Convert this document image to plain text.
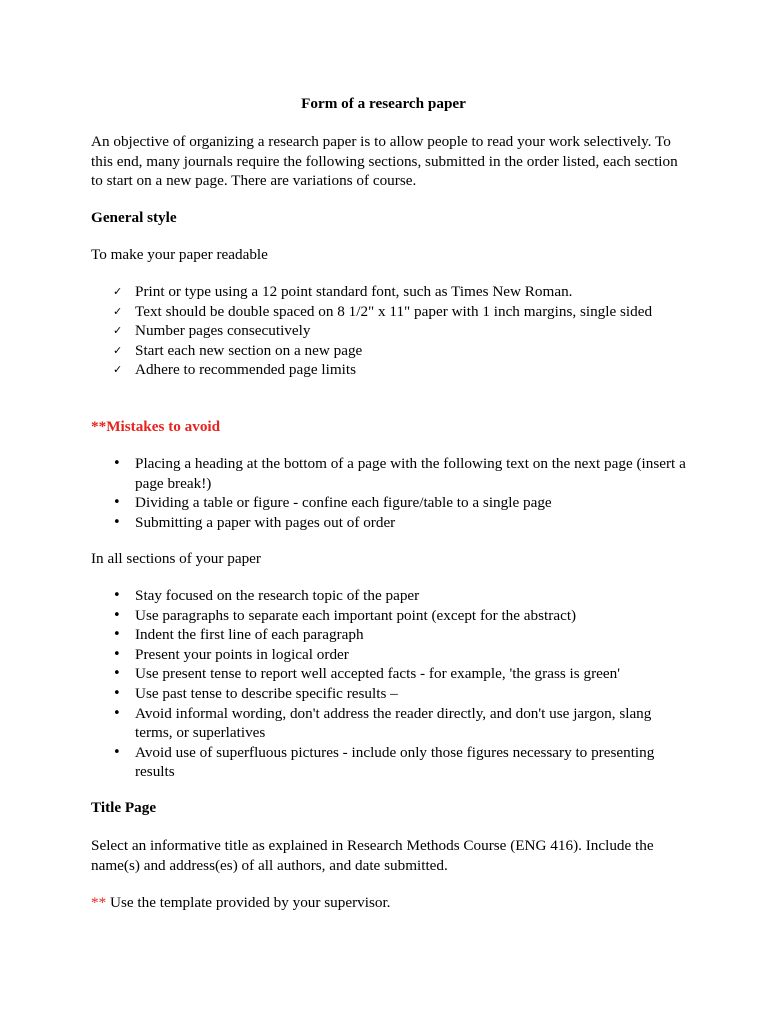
Form of a research paper

An objective of organizing a research paper is to allow people to read your work selectively. To this end, many journals require the following sections, submitted in the order listed, each section to start on a new page. There are variations of course.

General style

To make your paper readable

✓ Print or type using a 12 point standard font, such as Times New Roman.
✓ Text should be double spaced on 8 1/2" x 11" paper with 1 inch margins, single sided
✓ Number pages consecutively
✓ Start each new section on a new page
✓ Adhere to recommended page limits

**Mistakes to avoid

• Placing a heading at the bottom of a page with the following text on the next page (insert a page break!)
• Dividing a table or figure - confine each figure/table to a single page
• Submitting a paper with pages out of order

In all sections of your paper

• Stay focused on the research topic of the paper
• Use paragraphs to separate each important point (except for the abstract)
• Indent the first line of each paragraph
• Present your points in logical order
• Use present tense to report well accepted facts - for example, 'the grass is green'
• Use past tense to describe specific results –
• Avoid informal wording, don't address the reader directly, and don't use jargon, slang terms, or superlatives
• Avoid use of superfluous pictures - include only those figures necessary to presenting results

Title Page

Select an informative title as explained in Research Methods Course (ENG 416). Include the name(s) and address(es) of all authors, and date submitted.

** Use the template provided by your supervisor.
